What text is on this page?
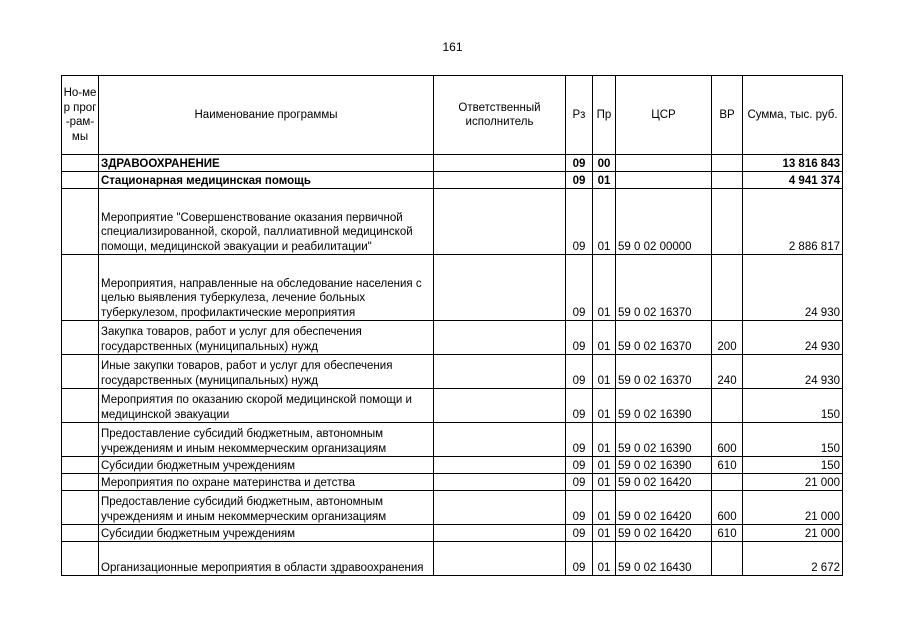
161
Но-мер прог-рам-мы	Наименование программы	Ответственный исполнитель	Рз	Пр	ЦСР	ВР	Сумма, тыс. руб.
	ЗДРАВООХРАНЕНИЕ		09	00			13 816 843
	Стационарная медицинская помощь		09	01			4 941 374
	Мероприятие "Совершенствование оказания первичной специализированной, скорой, паллиативной медицинской помощи, медицинской эвакуации и реабилитации"		09	01	59 0 02 00000		2 886 817
	Мероприятия, направленные на обследование населения с целью выявления туберкулеза, лечение больных туберкулезом, профилактические мероприятия		09	01	59 0 02 16370		24 930
	Закупка товаров, работ и услуг для обеспечения государственных (муниципальных) нужд		09	01	59 0 02 16370	200	24 930
	Иные закупки товаров, работ и услуг для обеспечения государственных (муниципальных) нужд		09	01	59 0 02 16370	240	24 930
	Мероприятия по оказанию скорой медицинской помощи и медицинской эвакуации		09	01	59 0 02 16390		150
	Предоставление субсидий бюджетным, автономным учреждениям и иным некоммерческим организациям		09	01	59 0 02 16390	600	150
	Субсидии бюджетным учреждениям		09	01	59 0 02 16390	610	150
	Мероприятия по охране материнства и детства		09	01	59 0 02 16420		21 000
	Предоставление субсидий бюджетным, автономным учреждениям и иным некоммерческим организациям		09	01	59 0 02 16420	600	21 000
	Субсидии бюджетным учреждениям		09	01	59 0 02 16420	610	21 000
	Организационные мероприятия в области здравоохранения		09	01	59 0 02 16430		2 672
